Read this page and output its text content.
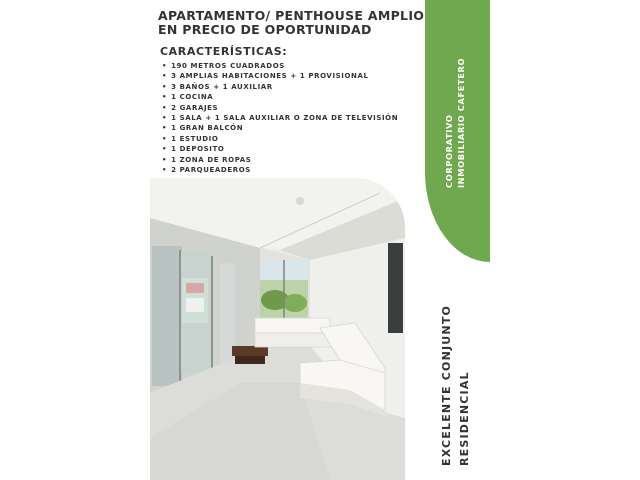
APARTAMENTO/ PENTHOUSE AMPLIO
EN PRECIO DE OPORTUNIDAD
CARACTERÍSTICAS:
• 190 METROS CUADRADOS
• 3 AMPLIAS HABITACIONES + 1 PROVISIONAL
• 3 BAÑOS + 1 AUXILIAR
• 1 COCINA
• 2 GARAJES
• 1 SALA + 1 SALA AUXILIAR O ZONA DE TELEVISIÓN
• 1 GRAN BALCÓN
• 1 ESTUDIO
• 1 DEPOSITO
• 1 ZONA DE ROPAS
• 2 PARQUEADEROS	CORPORATIVO INMOBILIARIO CAFETERO
EXCELENTE CONJUNTO RESIDENCIAL
